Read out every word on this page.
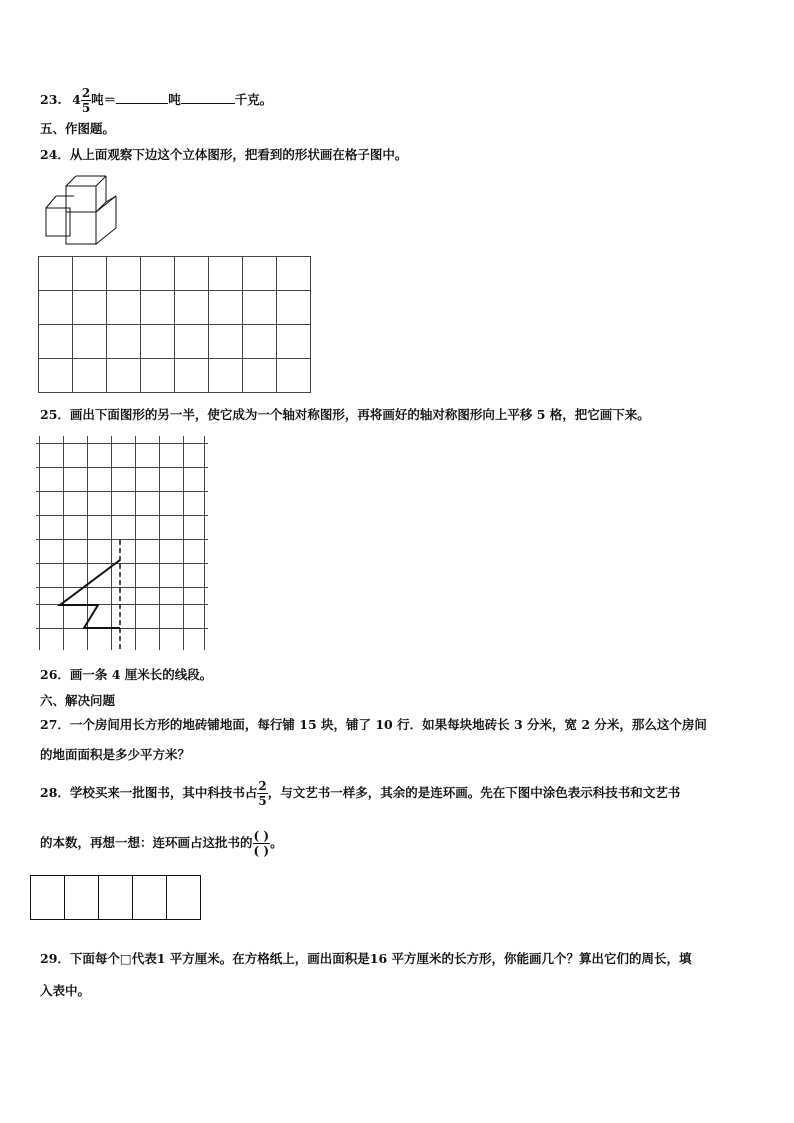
23. $4 \frac{2}{5}$ 吨＝	吨	千克。
五、作图题。
24．从上面观察下边这个立体图形，把看到的形状画在格子图中。
25．画出下面图形的另一半，使它成为一个轴对称图形，再将画好的轴对称图形向上平移 5 格，把它画下来。
26．画一条 4 厘米长的线段。
六、解决问题
27．一个房间用长方形的地砖铺地面，每行铺 15 块，铺了 10 行．如果每块地砖长 3 分米，宽 2 分米，那么这个房间
的地面面积是多少平方米？
28．学校买来一批图书，其中科技书占 $\frac{2}{5}$ ，与文艺书一样多，其余的是连环画。先在下图中涂色表示科技书和文艺书
的本数，再想一想：连环画占这批书的 $\frac{( )}{( )}$ 。
29．下面每个□代表1 平方厘米。在方格纸上，画出面积是16 平方厘米的长方形，你能画几个？算出它们的周长，填
入表中。
